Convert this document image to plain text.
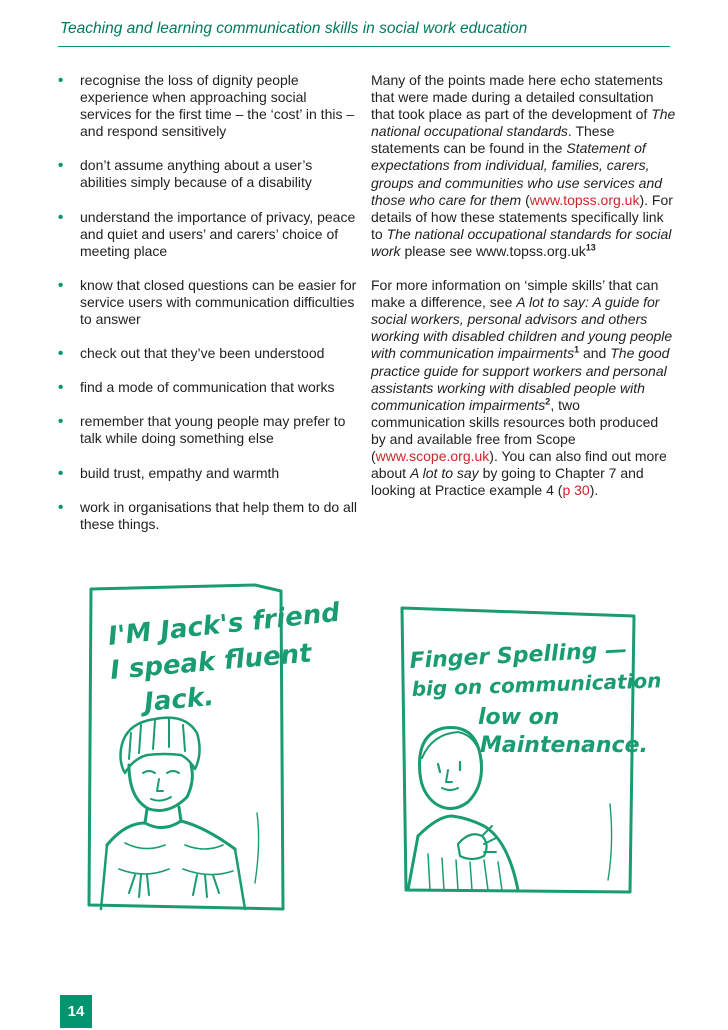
Teaching and learning communication skills in social work education
• recognise the loss of dignity people experience when approaching social services for the first time – the ‘cost’ in this – and respond sensitively
• don’t assume anything about a user’s abilities simply because of a disability
• understand the importance of privacy, peace and quiet and users’ and carers’ choice of meeting place
• know that closed questions can be easier for service users with communication difficulties to answer
• check out that they’ve been understood
• find a mode of communication that works
• remember that young people may prefer to talk while doing something else
• build trust, empathy and warmth
• work in organisations that help them to do all these things.

Many of the points made here echo statements that were made during a detailed consultation that took place as part of the development of The national occupational standards. These statements can be found in the Statement of expectations from individual, families, carers, groups and communities who use services and those who care for them (www.topss.org.uk). For details of how these statements specifically link to The national occupational standards for social work please see $www.topss.org.uk^{13}$

For more information on ‘simple skills’ that can make a difference, see A lot to say: A guide for social workers, personal advisors and others working with disabled children and young people with communication impairments$^1$ and The good practice guide for support workers and personal assistants working with disabled people with communication impairments$^2$, two communication skills resources both produced by and available free from Scope (www.scope.org.uk). You can also find out more about A lot to say by going to Chapter 7 and looking at Practice example 4 (p 30).

I'M Jack's friend
I speak fluent
Jack.
Finger Spelling —
big on communication
low on
Maintenance.
14
